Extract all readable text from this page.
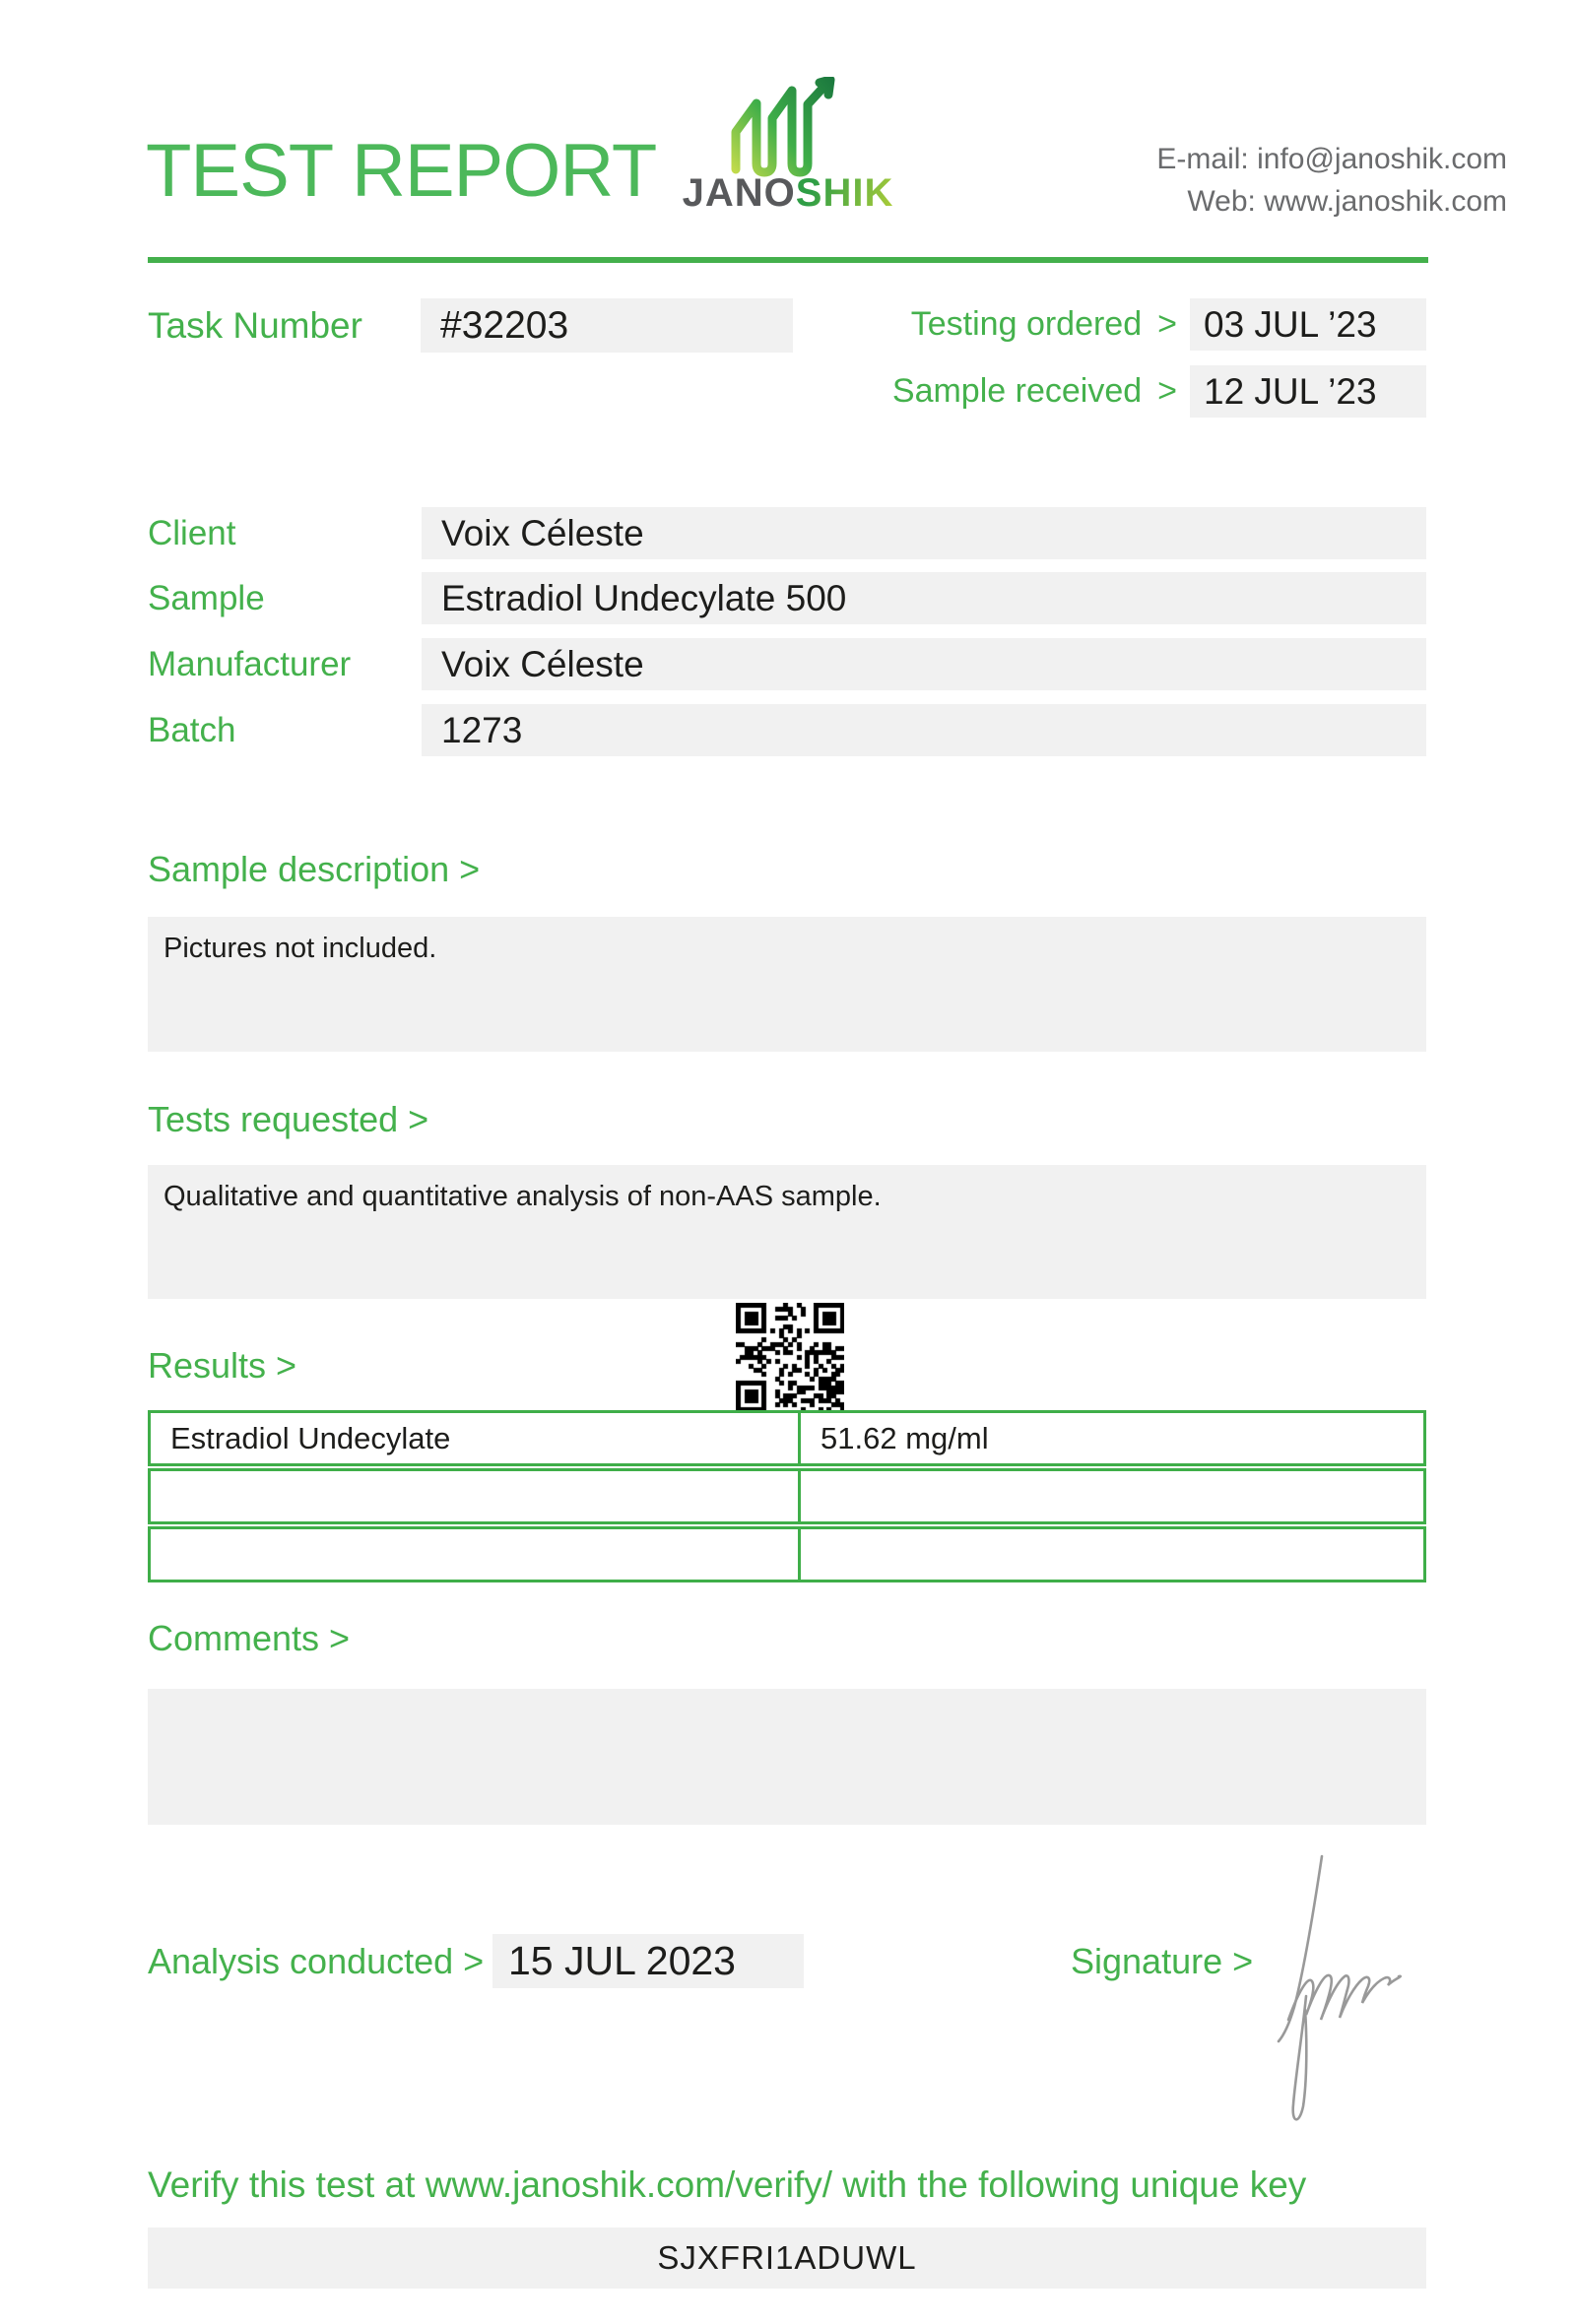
TEST REPORT JANOSHIK
E-mail: info@janoshik.com
Web: www.janoshik.com
Task Number	#32203	Testing ordered > 03 JUL ’23
Sample received > 12 JUL ’23
Client	Voix Céleste
Sample	Estradiol Undecylate 500
Manufacturer	Voix Céleste
Batch	1273
Sample description >
Pictures not included.
Tests requested >
Qualitative and quantitative analysis of non-AAS sample.
Results >
Estradiol Undecylate	51.62 mg/ml
Comments >
Analysis conducted > 15 JUL 2023	Signature >
Verify this test at www.janoshik.com/verify/ with the following unique key
SJXFRI1ADUWL
